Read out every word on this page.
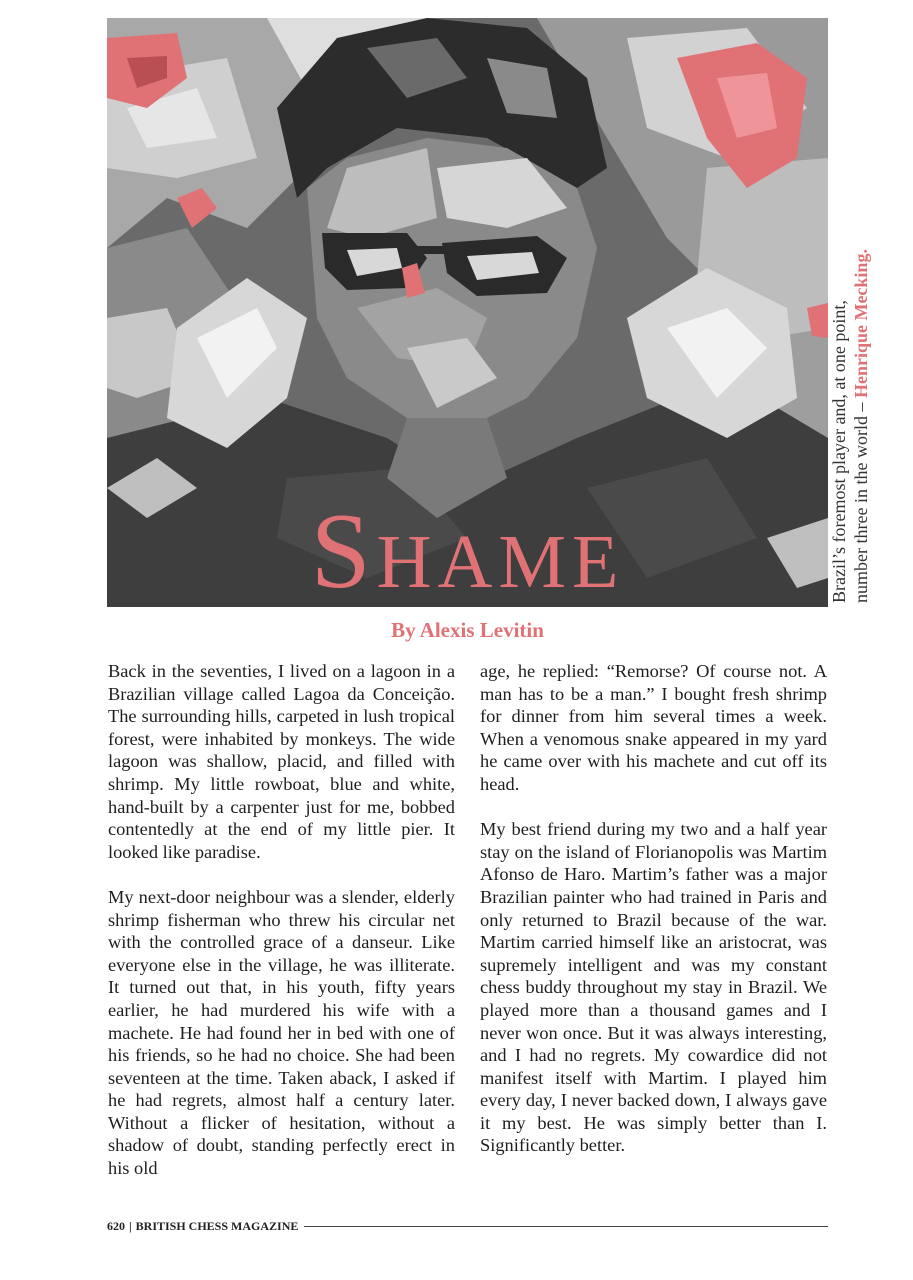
Shame	Brazil’s foremost player and, at one point, number three in the world – Henrique Mecking.
By Alexis Levitin

Back in the seventies, I lived on a lagoon in a Brazilian village called Lagoa da Conceição. The surrounding hills, carpeted in lush tropical forest, were inhabited by monkeys. The wide lagoon was shallow, placid, and filled with shrimp. My little rowboat, blue and white, hand-built by a carpenter just for me, bobbed contentedly at the end of my little pier. It looked like paradise.

My next-door neighbour was a slender, elderly shrimp fisherman who threw his circular net with the controlled grace of a danseur. Like everyone else in the village, he was illiterate. It turned out that, in his youth, fifty years earlier, he had murdered his wife with a machete. He had found her in bed with one of his friends, so he had no choice. She had been seventeen at the time. Taken aback, I asked if he had regrets, almost half a century later. Without a flicker of hesitation, without a shadow of doubt, standing perfectly erect in his old

age, he replied: “Remorse? Of course not. A man has to be a man.” I bought fresh shrimp for dinner from him several times a week. When a venomous snake appeared in my yard he came over with his machete and cut off its head.

My best friend during my two and a half year stay on the island of Florianopolis was Martim Afonso de Haro. Martim’s father was a major Brazilian painter who had trained in Paris and only returned to Brazil because of the war. Martim carried himself like an aristocrat, was supremely intelligent and was my constant chess buddy throughout my stay in Brazil. We played more than a thousand games and I never won once. But it was always interesting, and I had no regrets. My cowardice did not manifest itself with Martim. I played him every day, I never backed down, I always gave it my best. He was simply better than I. Significantly better.

620 | BRITISH CHESS MAGAZINE
